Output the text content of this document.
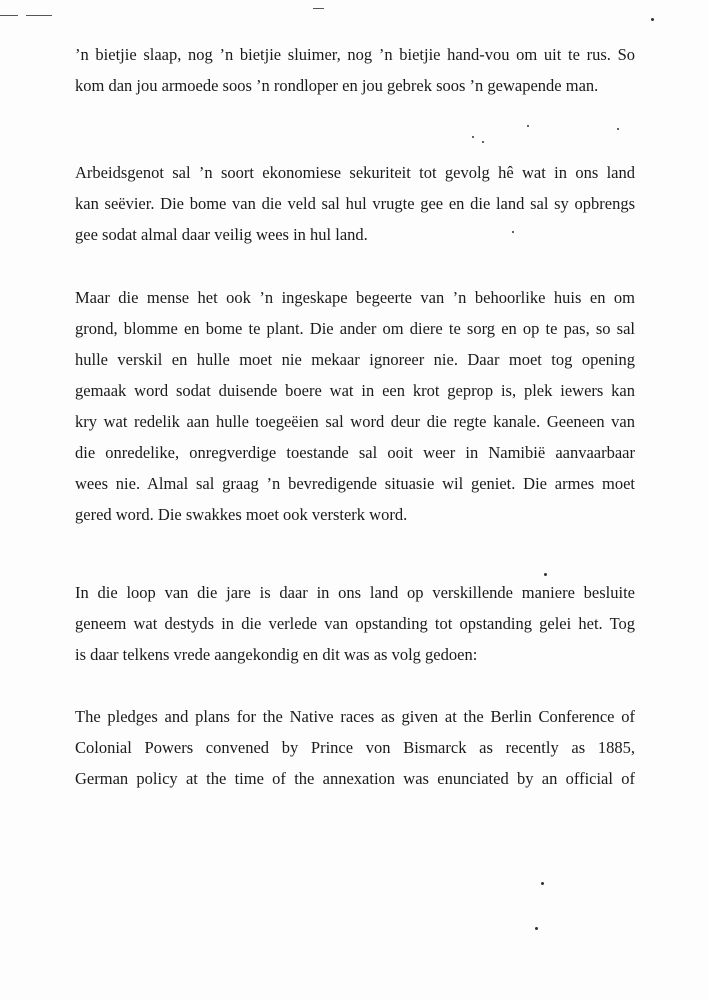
’n bietjie slaap, nog ’n bietjie sluimer, nog ’n bietjie hand-vou om uit te rus. So
kom dan jou armoede soos ’n rondloper en jou gebrek soos ’n gewapende man.
Arbeidsgenot sal ’n soort ekonomiese sekuriteit tot gevolg hê wat in ons land
kan seëvier. Die bome van die veld sal hul vrugte gee en die land sal sy opbrengs
gee sodat almal daar veilig wees in hul land.
Maar die mense het ook ’n ingeskape begeerte van ’n behoorlike huis en om
grond, blomme en bome te plant. Die ander om diere te sorg en op te pas, so sal
hulle verskil en hulle moet nie mekaar ignoreer nie. Daar moet tog opening
gemaak word sodat duisende boere wat in een krot geprop is, plek iewers kan
kry wat redelik aan hulle toegeëien sal word deur die regte kanale. Geeneen van
die onredelike, onregverdige toestande sal ooit weer in Namibië aanvaarbaar
wees nie. Almal sal graag ’n bevredigende situasie wil geniet. Die armes moet
gered word. Die swakkes moet ook versterk word.
In die loop van die jare is daar in ons land op verskillende maniere besluite
geneem wat destyds in die verlede van opstanding tot opstanding gelei het. Tog
is daar telkens vrede aangekondig en dit was as volg gedoen:
The pledges and plans for the Native races as given at the Berlin Conference of
Colonial Powers convened by Prince von Bismarck as recently as 1885,
German policy at the time of the annexation was enunciated by an official of
